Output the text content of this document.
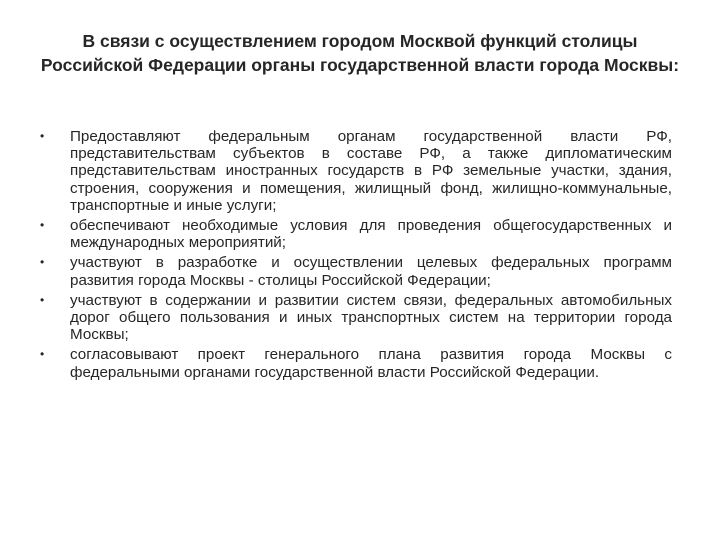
В связи с осуществлением городом Москвой функций столицы Российской Федерации органы государственной власти города Москвы:
• Предоставляют федеральным органам государственной власти РФ, представительствам субъектов в составе РФ, а также дипломатическим представительствам иностранных государств в РФ земельные участки, здания, строения, сооружения и помещения, жилищный фонд, жилищно-коммунальные, транспортные и иные услуги;
• обеспечивают необходимые условия для проведения общегосударственных и международных мероприятий;
• участвуют в разработке и осуществлении целевых федеральных программ развития города Москвы - столицы Российской Федерации;
• участвуют в содержании и развитии систем связи, федеральных автомобильных дорог общего пользования и иных транспортных систем на территории города Москвы;
• согласовывают проект генерального плана развития города Москвы с федеральными органами государственной власти Российской Федерации.
